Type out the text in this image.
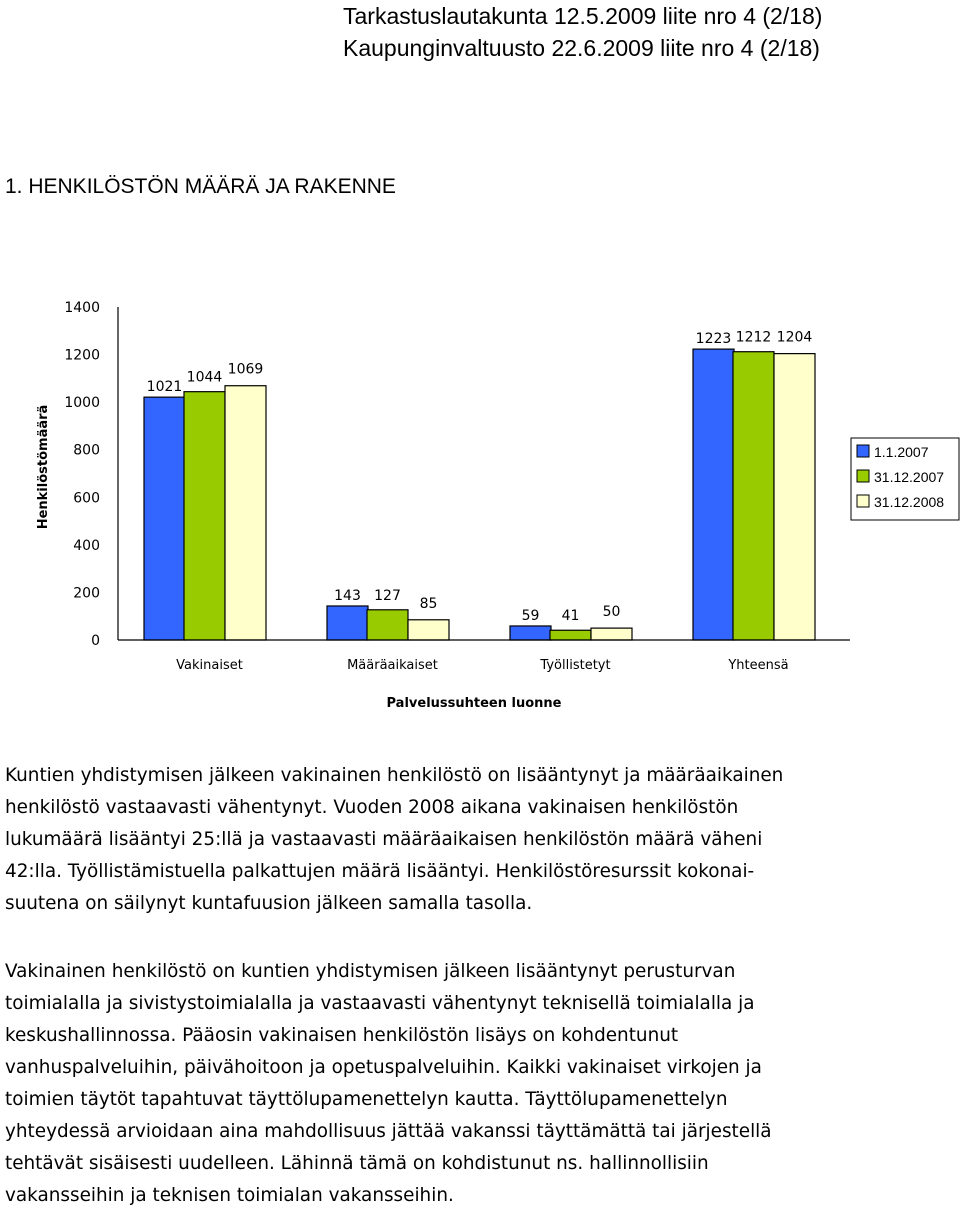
Tarkastuslautakunta 12.5.2009 liite nro 4 (2/18)
Kaupunginvaltuusto 22.6.2009 liite nro 4 (2/18)
1. HENKILÖSTÖN MÄÄRÄ JA RAKENNE
0
200
400
600
800
1000
1200
1400
1021
1044 1069
143 127 85
59 41 50
1223 1212 1204
Vakinaiset	Määräaikaiset	Työllistetyt	Yhteensä
Henkilöstömäärä
Palvelussuhteen luonne
1.1.2007
31.12.2007
31.12.2008

Kuntien yhdistymisen jälkeen vakinainen henkilöstö on lisääntynyt ja määräaikainen

henkilöstö vastaavasti vähentynyt. Vuoden 2008 aikana vakinaisen henkilöstön

lukumäärä lisääntyi 25:llä ja vastaavasti määräaikaisen henkilöstön määrä väheni

42:lla. Työllistämistuella palkattujen määrä lisääntyi. Henkilöstöresurssit kokonai-

suutena on säilynyt kuntafuusion jälkeen samalla tasolla.

Vakinainen henkilöstö on kuntien yhdistymisen jälkeen lisääntynyt perusturvan

toimialalla ja sivistystoimialalla ja vastaavasti vähentynyt teknisellä toimialalla ja

keskushallinnossa. Pääosin vakinaisen henkilöstön lisäys on kohdentunut

vanhuspalveluihin, päivähoitoon ja opetuspalveluihin. Kaikki vakinaiset virkojen ja

toimien täytöt tapahtuvat täyttölupamenettelyn kautta. Täyttölupamenettelyn

yhteydessä arvioidaan aina mahdollisuus jättää vakanssi täyttämättä tai järjestellä

tehtävät sisäisesti uudelleen. Lähinnä tämä on kohdistunut ns. hallinnollisiin

vakansseihin ja teknisen toimialan vakansseihin.
